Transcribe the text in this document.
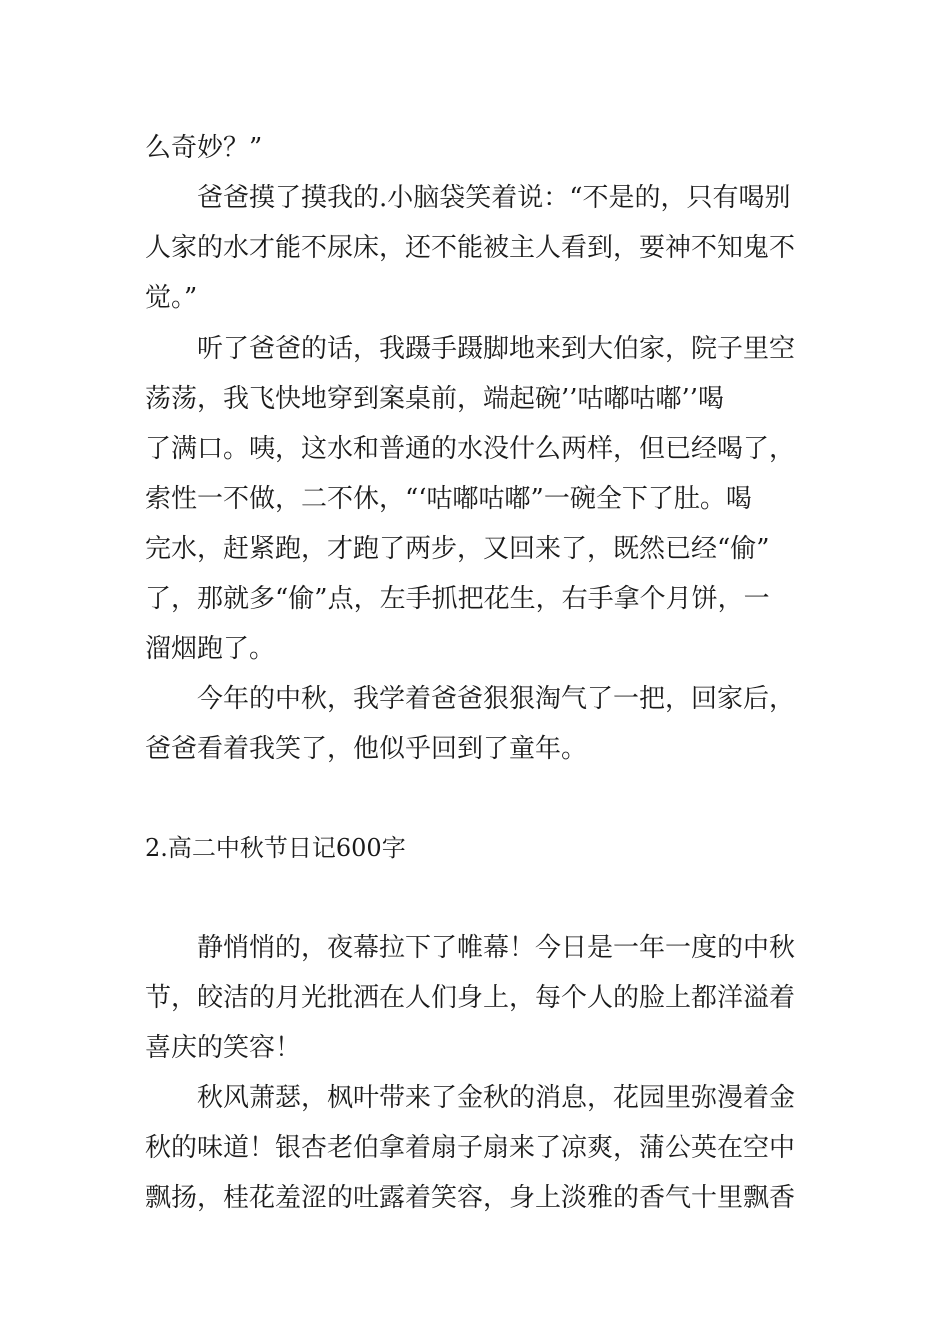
么奇妙？”

爸爸摸了摸我的.小脑袋笑着说：“不是的，只有喝别

人家的水才能不尿床，还不能被主人看到，要神不知鬼不

觉。”

听了爸爸的话，我蹑手蹑脚地来到大伯家，院子里空

荡荡，我飞快地穿到案桌前，端起碗’’咕嘟咕嘟’’喝

了满口。咦，这水和普通的水没什么两样，但已经喝了，

索性一不做，二不休，“‘咕嘟咕嘟”一碗全下了肚。喝

完水，赶紧跑，才跑了两步，又回来了，既然已经“偷”

了，那就多“偷”点，左手抓把花生，右手拿个月饼，一

溜烟跑了。

今年的中秋，我学着爸爸狠狠淘气了一把，回家后，

爸爸看着我笑了，他似乎回到了童年。

2.高二中秋节日记600字

静悄悄的，夜幕拉下了帷幕！今日是一年一度的中秋

节，皎洁的月光批洒在人们身上，每个人的脸上都洋溢着

喜庆的笑容！

秋风萧瑟，枫叶带来了金秋的消息，花园里弥漫着金

秋的味道！银杏老伯拿着扇子扇来了凉爽，蒲公英在空中

飘扬，桂花羞涩的吐露着笑容，身上淡雅的香气十里飘香
